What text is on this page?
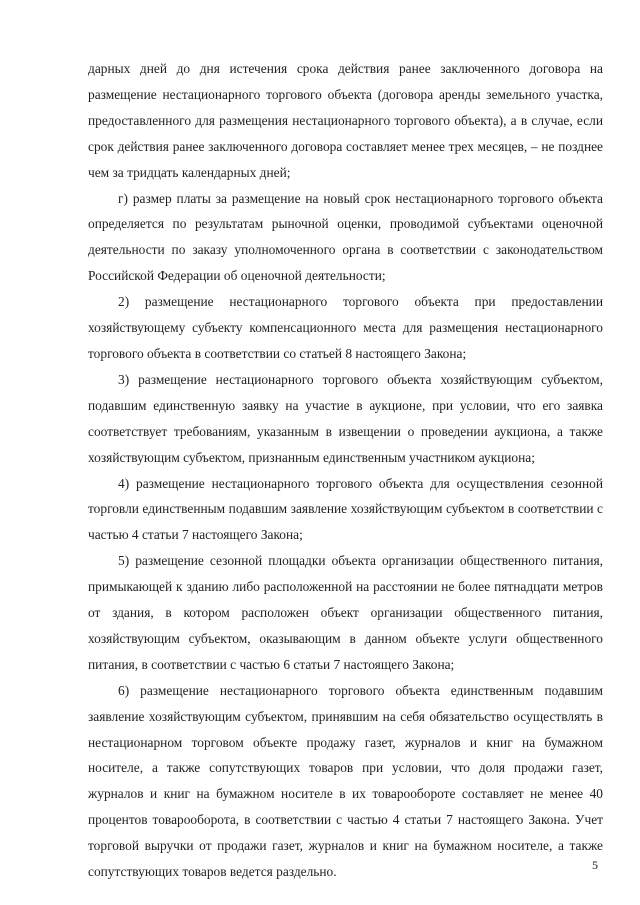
дарных дней до дня истечения срока действия ранее заключенного договора на размещение нестационарного торгового объекта (договора аренды земельного участка, предоставленного для размещения нестационарного торгового объекта), а в случае, если срок действия ранее заключенного договора составляет менее трех месяцев, – не позднее чем за тридцать календарных дней;

г) размер платы за размещение на новый срок нестационарного торгового объекта определяется по результатам рыночной оценки, проводимой субъектами оценочной деятельности по заказу уполномоченного органа в соответствии с законодательством Российской Федерации об оценочной деятельности;

2) размещение нестационарного торгового объекта при предоставлении хозяйствующему субъекту компенсационного места для размещения нестационарного торгового объекта в соответствии со статьей 8 настоящего Закона;

3) размещение нестационарного торгового объекта хозяйствующим субъектом, подавшим единственную заявку на участие в аукционе, при условии, что его заявка соответствует требованиям, указанным в извещении о проведении аукциона, а также хозяйствующим субъектом, признанным единственным участником аукциона;

4) размещение нестационарного торгового объекта для осуществления сезонной торговли единственным подавшим заявление хозяйствующим субъектом в соответствии с частью 4 статьи 7 настоящего Закона;

5) размещение сезонной площадки объекта организации общественного питания, примыкающей к зданию либо расположенной на расстоянии не более пятнадцати метров от здания, в котором расположен объект организации общественного питания, хозяйствующим субъектом, оказывающим в данном объекте услуги общественного питания, в соответствии с частью 6 статьи 7 настоящего Закона;

6) размещение нестационарного торгового объекта единственным подавшим заявление хозяйствующим субъектом, принявшим на себя обязательство осуществлять в нестационарном торговом объекте продажу газет, журналов и книг на бумажном носителе, а также сопутствующих товаров при условии, что доля продажи газет, журналов и книг на бумажном носителе в их товарообороте составляет не менее 40 процентов товарооборота, в соответствии с частью 4 статьи 7 настоящего Закона. Учет торговой выручки от продажи газет, журналов и книг на бумажном носителе, а также сопутствующих товаров ведется раздельно.	5
